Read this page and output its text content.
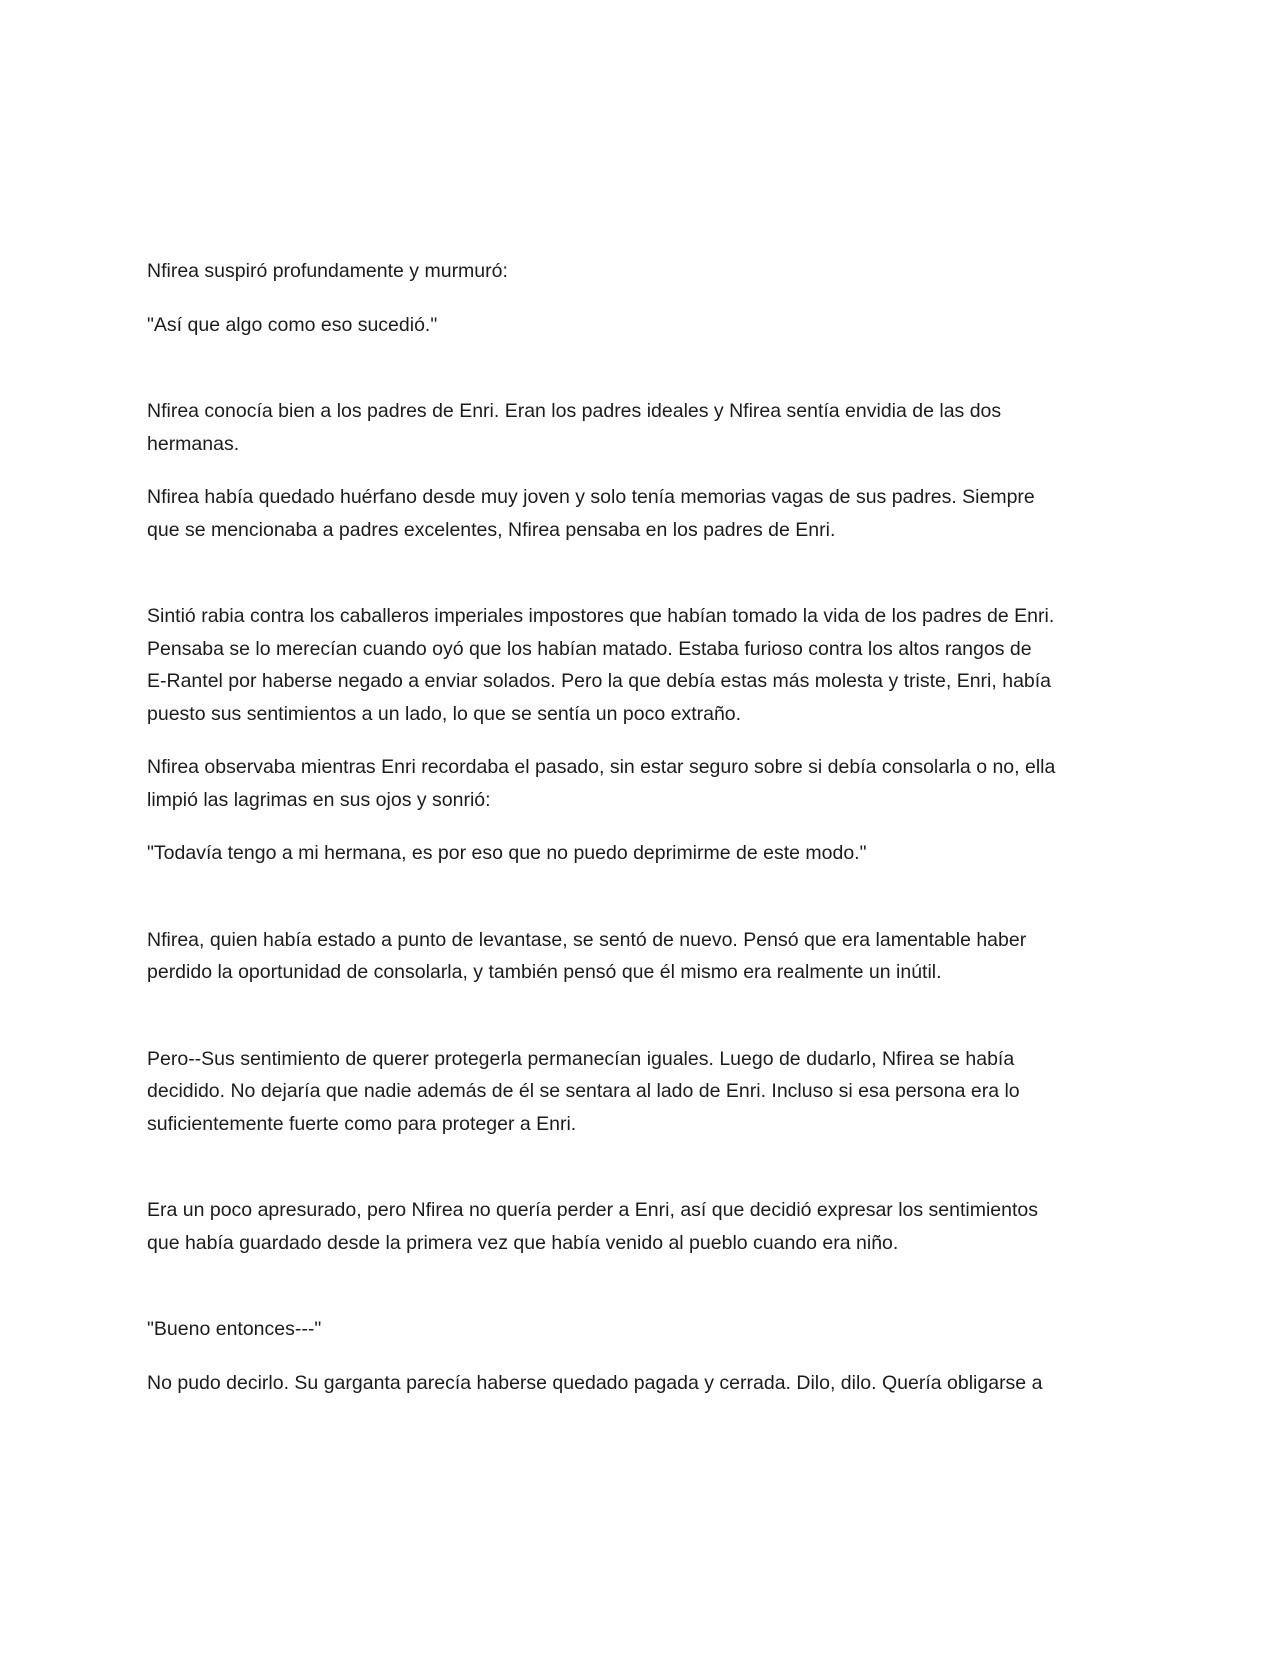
Nfirea suspiró profundamente y murmuró:

"Así que algo como eso sucedió."

Nfirea conocía bien a los padres de Enri. Eran los padres ideales y Nfirea sentía envidia de las dos
hermanas.

Nfirea había quedado huérfano desde muy joven y solo tenía memorias vagas de sus padres. Siempre
que se mencionaba a padres excelentes, Nfirea pensaba en los padres de Enri.

Sintió rabia contra los caballeros imperiales impostores que habían tomado la vida de los padres de Enri.
Pensaba se lo merecían cuando oyó que los habían matado. Estaba furioso contra los altos rangos de
E-Rantel por haberse negado a enviar solados. Pero la que debía estas más molesta y triste, Enri, había
puesto sus sentimientos a un lado, lo que se sentía un poco extraño.

Nfirea observaba mientras Enri recordaba el pasado, sin estar seguro sobre si debía consolarla o no, ella
limpió las lagrimas en sus ojos y sonrió:

"Todavía tengo a mi hermana, es por eso que no puedo deprimirme de este modo."

Nfirea, quien había estado a punto de levantase, se sentó de nuevo. Pensó que era lamentable haber
perdido la oportunidad de consolarla, y también pensó que él mismo era realmente un inútil.

Pero--Sus sentimiento de querer protegerla permanecían iguales. Luego de dudarlo, Nfirea se había
decidido. No dejaría que nadie además de él se sentara al lado de Enri. Incluso si esa persona era lo
suficientemente fuerte como para proteger a Enri.

Era un poco apresurado, pero Nfirea no quería perder a Enri, así que decidió expresar los sentimientos
que había guardado desde la primera vez que había venido al pueblo cuando era niño.

"Bueno entonces---"

No pudo decirlo. Su garganta parecía haberse quedado pagada y cerrada. Dilo, dilo. Quería obligarse a
